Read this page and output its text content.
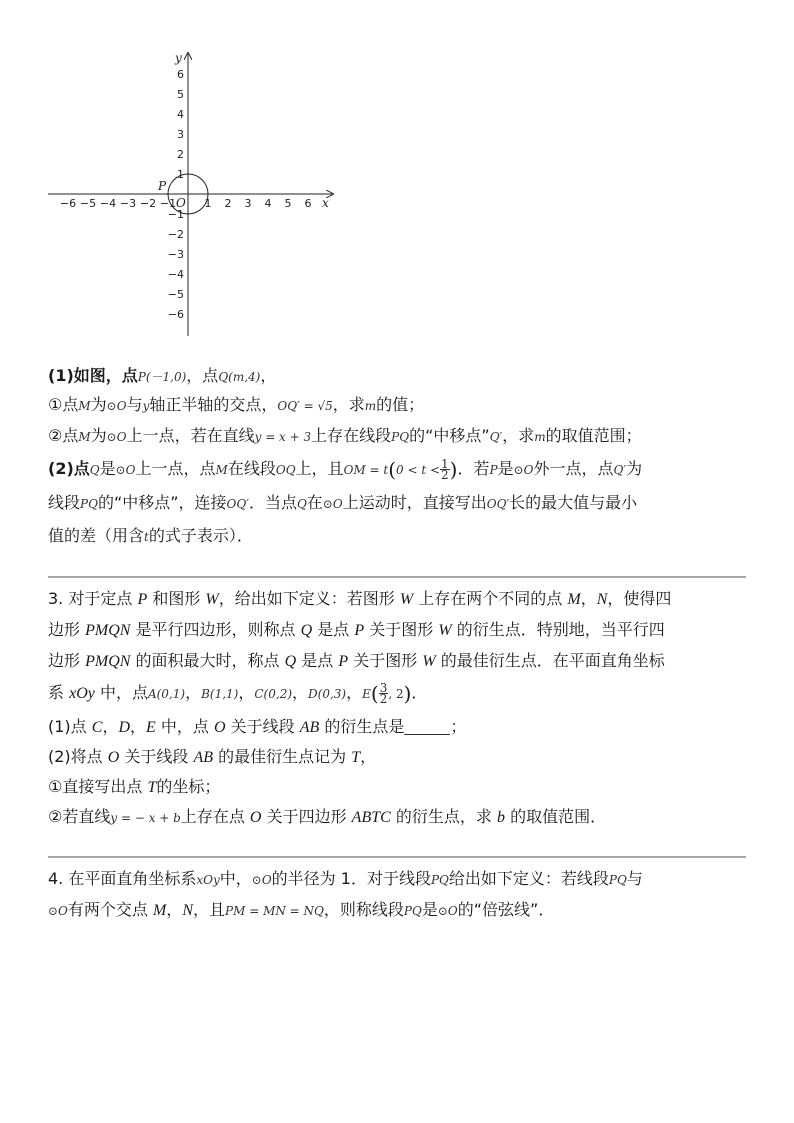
−6 −5 −4 −3 −2 −1	1 2 3 4 5 6
6
5
4
3
2
1
−1
−2
−3
−4
−5
−6
x
y
O
P
(1)如图，点P(－1,0)，点Q(m,4)，
①点M为⊙O与y轴正半轴的交点，OQ′ = √5，求m的值；
②点M为⊙O上一点，若在直线y = x + 3上存在线段PQ的“中移点”Q′，求m的取值范围；
(2)点Q是⊙O上一点，点M在线段OQ上，且OM = $t(0 < t < \frac{1}{2}$ )．若P是⊙O外一点，点Q′为
线段PQ的“中移点”，连接OQ′．当点Q在⊙O上运动时，直接写出OQ′长的最大值与最小
值的差（用含t的式子表示）．
3. 对于定点 P 和图形 W，给出如下定义：若图形 W 上存在两个不同的点 M，N，使得四
边形 PMQN 是平行四边形，则称点 Q 是点 P 关于图形 W 的衍生点．特别地，当平行四
边形 PMQN 的面积最大时，称点 Q 是点 P 关于图形 W 的最佳衍生点．在平面直角坐标
系 xOy 中，点A(0,1)，B(1,1)，C(0,2)，D(0,3)，$E( \frac{3}{2}$ , 2)．
(1)点 C，D，E 中，点 O 关于线段 AB 的衍生点是	；
(2)将点 O 关于线段 AB 的最佳衍生点记为 T，
①直接写出点 T的坐标；
②若直线y = − x + b上存在点 O 关于四边形 ABTC 的衍生点，求 b 的取值范围．
4. 在平面直角坐标系xOy中，⊙O的半径为 1．对于线段PQ给出如下定义：若线段PQ与
⊙O有两个交点 M，N，且PM = MN = NQ，则称线段PQ是⊙O的“倍弦线”．
